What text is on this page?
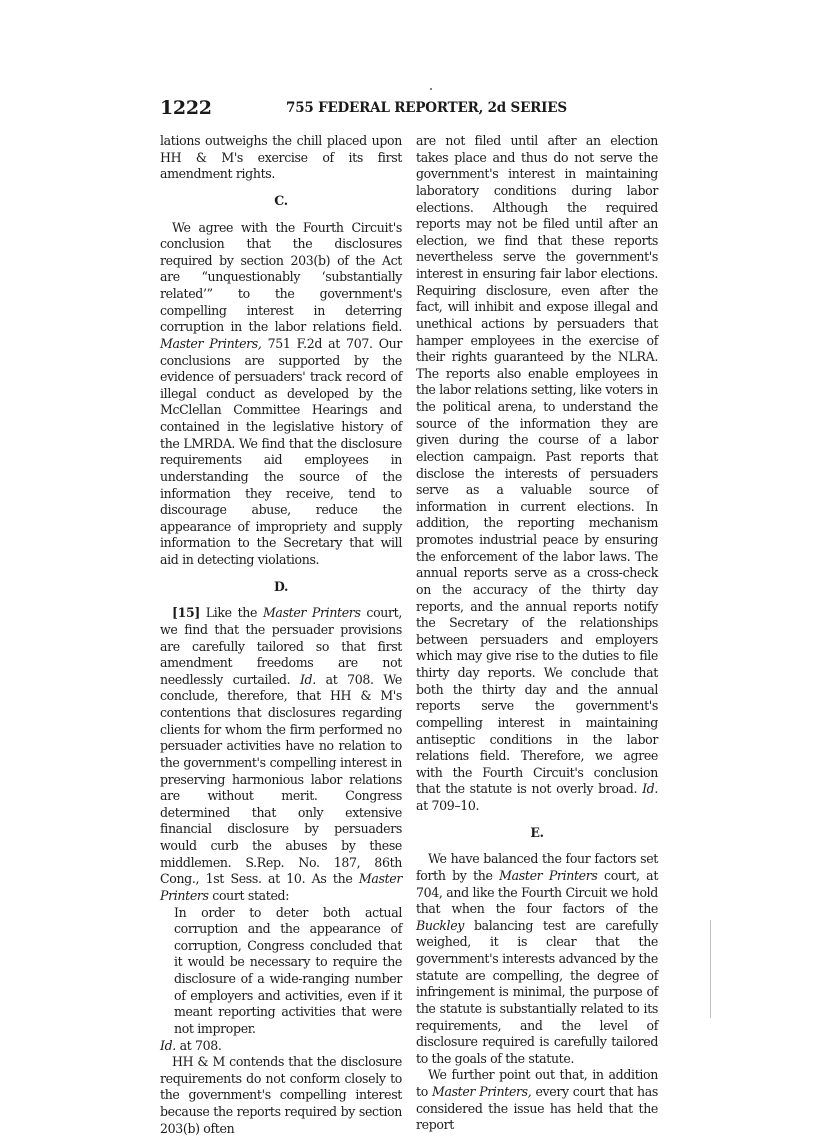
1222	755 FEDERAL REPORTER, 2d SERIES

lations outweighs the chill placed upon HH & M's exercise of its first amendment rights.

C.

We agree with the Fourth Circuit's conclusion that the disclosures required by section 203(b) of the Act are “unquestionably ‘substantially related’” to the government's compelling interest in deterring corruption in the labor relations field. Master Printers, 751 F.2d at 707. Our conclusions are supported by the evidence of persuaders' track record of illegal conduct as developed by the McClellan Committee Hearings and contained in the legislative history of the LMRDA. We find that the disclosure requirements aid employees in understanding the source of the information they receive, tend to discourage abuse, reduce the appearance of impropriety and supply information to the Secretary that will aid in detecting violations.

D.

[15] Like the Master Printers court, we find that the persuader provisions are carefully tailored so that first amendment freedoms are not needlessly curtailed. Id. at 708. We conclude, therefore, that HH & M's contentions that disclosures regarding clients for whom the firm performed no persuader activities have no relation to the government's compelling interest in preserving harmonious labor relations are without merit. Congress determined that only extensive financial disclosure by persuaders would curb the abuses by these middlemen. S.Rep. No. 187, 86th Cong., 1st Sess. at 10. As the Master Printers court stated:

In order to deter both actual corruption and the appearance of corruption, Congress concluded that it would be necessary to require the disclosure of a wide-ranging number of employers and activities, even if it meant reporting activities that were not improper.

Id. at 708.

HH & M contends that the disclosure requirements do not conform closely to the government's compelling interest because the reports required by section 203(b) often

are not filed until after an election takes place and thus do not serve the government's interest in maintaining laboratory conditions during labor elections. Although the required reports may not be filed until after an election, we find that these reports nevertheless serve the government's interest in ensuring fair labor elections. Requiring disclosure, even after the fact, will inhibit and expose illegal and unethical actions by persuaders that hamper employees in the exercise of their rights guaranteed by the NLRA. The reports also enable employees in the labor relations setting, like voters in the political arena, to understand the source of the information they are given during the course of a labor election campaign. Past reports that disclose the interests of persuaders serve as a valuable source of information in current elections. In addition, the reporting mechanism promotes industrial peace by ensuring the enforcement of the labor laws. The annual reports serve as a cross-check on the accuracy of the thirty day reports, and the annual reports notify the Secretary of the relationships between persuaders and employers which may give rise to the duties to file thirty day reports. We conclude that both the thirty day and the annual reports serve the government's compelling interest in maintaining antiseptic conditions in the labor relations field. Therefore, we agree with the Fourth Circuit's conclusion that the statute is not overly broad. Id. at 709–10.

E.

We have balanced the four factors set forth by the Master Printers court, at 704, and like the Fourth Circuit we hold that when the four factors of the Buckley balancing test are carefully weighed, it is clear that the government's interests advanced by the statute are compelling, the degree of infringement is minimal, the purpose of the statute is substantially related to its requirements, and the level of disclosure required is carefully tailored to the goals of the statute.

We further point out that, in addition to Master Printers, every court that has considered the issue has held that the report
